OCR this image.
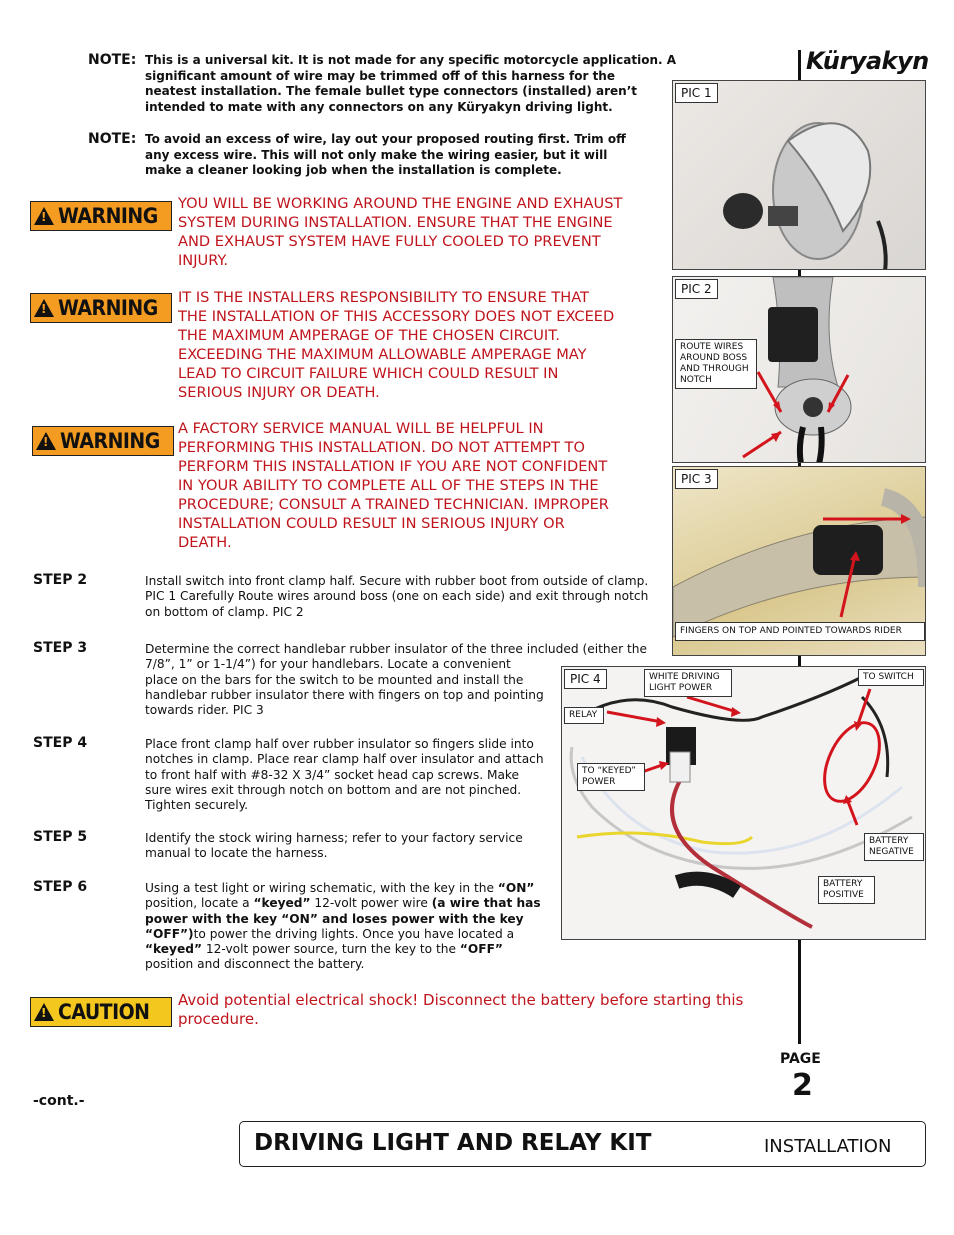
Küryakyn
NOTE: This is a universal kit. It is not made for any specific motorcycle application. A
significant amount of wire may be trimmed off of this harness for the
neatest installation. The female bullet type connectors (installed) aren’t
intended to mate with any connectors on any Küryakyn driving light.
NOTE: To avoid an excess of wire, lay out your proposed routing first. Trim off
any excess wire. This will not only make the wiring easier, but it will
make a cleaner looking job when the installation is complete.
!
WARNING
YOU WILL BE WORKING AROUND THE ENGINE AND EXHAUST
SYSTEM DURING INSTALLATION. ENSURE THAT THE ENGINE
AND EXHAUST SYSTEM HAVE FULLY COOLED TO PREVENT
INJURY.
!
WARNING IT IS THE INSTALLERS RESPONSIBILITY TO ENSURE THAT
THE INSTALLATION OF THIS ACCESSORY DOES NOT EXCEED
THE MAXIMUM AMPERAGE OF THE CHOSEN CIRCUIT.
EXCEEDING THE MAXIMUM ALLOWABLE AMPERAGE MAY
LEAD TO CIRCUIT FAILURE WHICH COULD RESULT IN
SERIOUS INJURY OR DEATH.
!
WARNING
A FACTORY SERVICE MANUAL WILL BE HELPFUL IN
PERFORMING THIS INSTALLATION. DO NOT ATTEMPT TO
PERFORM THIS INSTALLATION IF YOU ARE NOT CONFIDENT
IN YOUR ABILITY TO COMPLETE ALL OF THE STEPS IN THE
PROCEDURE; CONSULT A TRAINED TECHNICIAN. IMPROPER
INSTALLATION COULD RESULT IN SERIOUS INJURY OR
DEATH.
STEP 2	Install switch into front clamp half. Secure with rubber boot from outside of clamp.
PIC 1 Carefully Route wires around boss (one on each side) and exit through notch
on bottom of clamp. PIC 2
STEP 3	Determine the correct handlebar rubber insulator of the three included (either the
7/8”, 1” or 1-1/4”) for your handlebars. Locate a convenient
place on the bars for the switch to be mounted and install the
handlebar rubber insulator there with fingers on top and pointing
towards rider. PIC 3
STEP 4	Place front clamp half over rubber insulator so fingers slide into
notches in clamp. Place rear clamp half over insulator and attach
to front half with #8-32 X 3/4” socket head cap screws. Make
sure wires exit through notch on bottom and are not pinched.
Tighten securely.
STEP 5	Identify the stock wiring harness; refer to your factory service
manual to locate the harness.
STEP 6	Using a test light or wiring schematic, with the key in the “ON” position, locate a “keyed” 12-volt power wire (a wire that has power with the key “ON” and loses power with the key “OFF”)to power the driving lights. Once you have located a “keyed” 12-volt power source, turn the key to the “OFF” position and disconnect the battery.
!
CAUTION Avoid potential electrical shock! Disconnect the battery before starting this
procedure.
PIC 1
PIC 2
ROUTE WIRES
AROUND BOSS
AND THROUGH
NOTCH
PIC 3
FINGERS ON TOP AND POINTED TOWARDS RIDER
PIC 4	WHITE DRIVING
LIGHT POWER
TO SWITCH
RELAY
TO “KEYED”
POWER
BATTERY
NEGATIVE
BATTERY
POSITIVE
PAGE
2
-cont.-
DRIVING LIGHT AND RELAY KIT	INSTALLATION
